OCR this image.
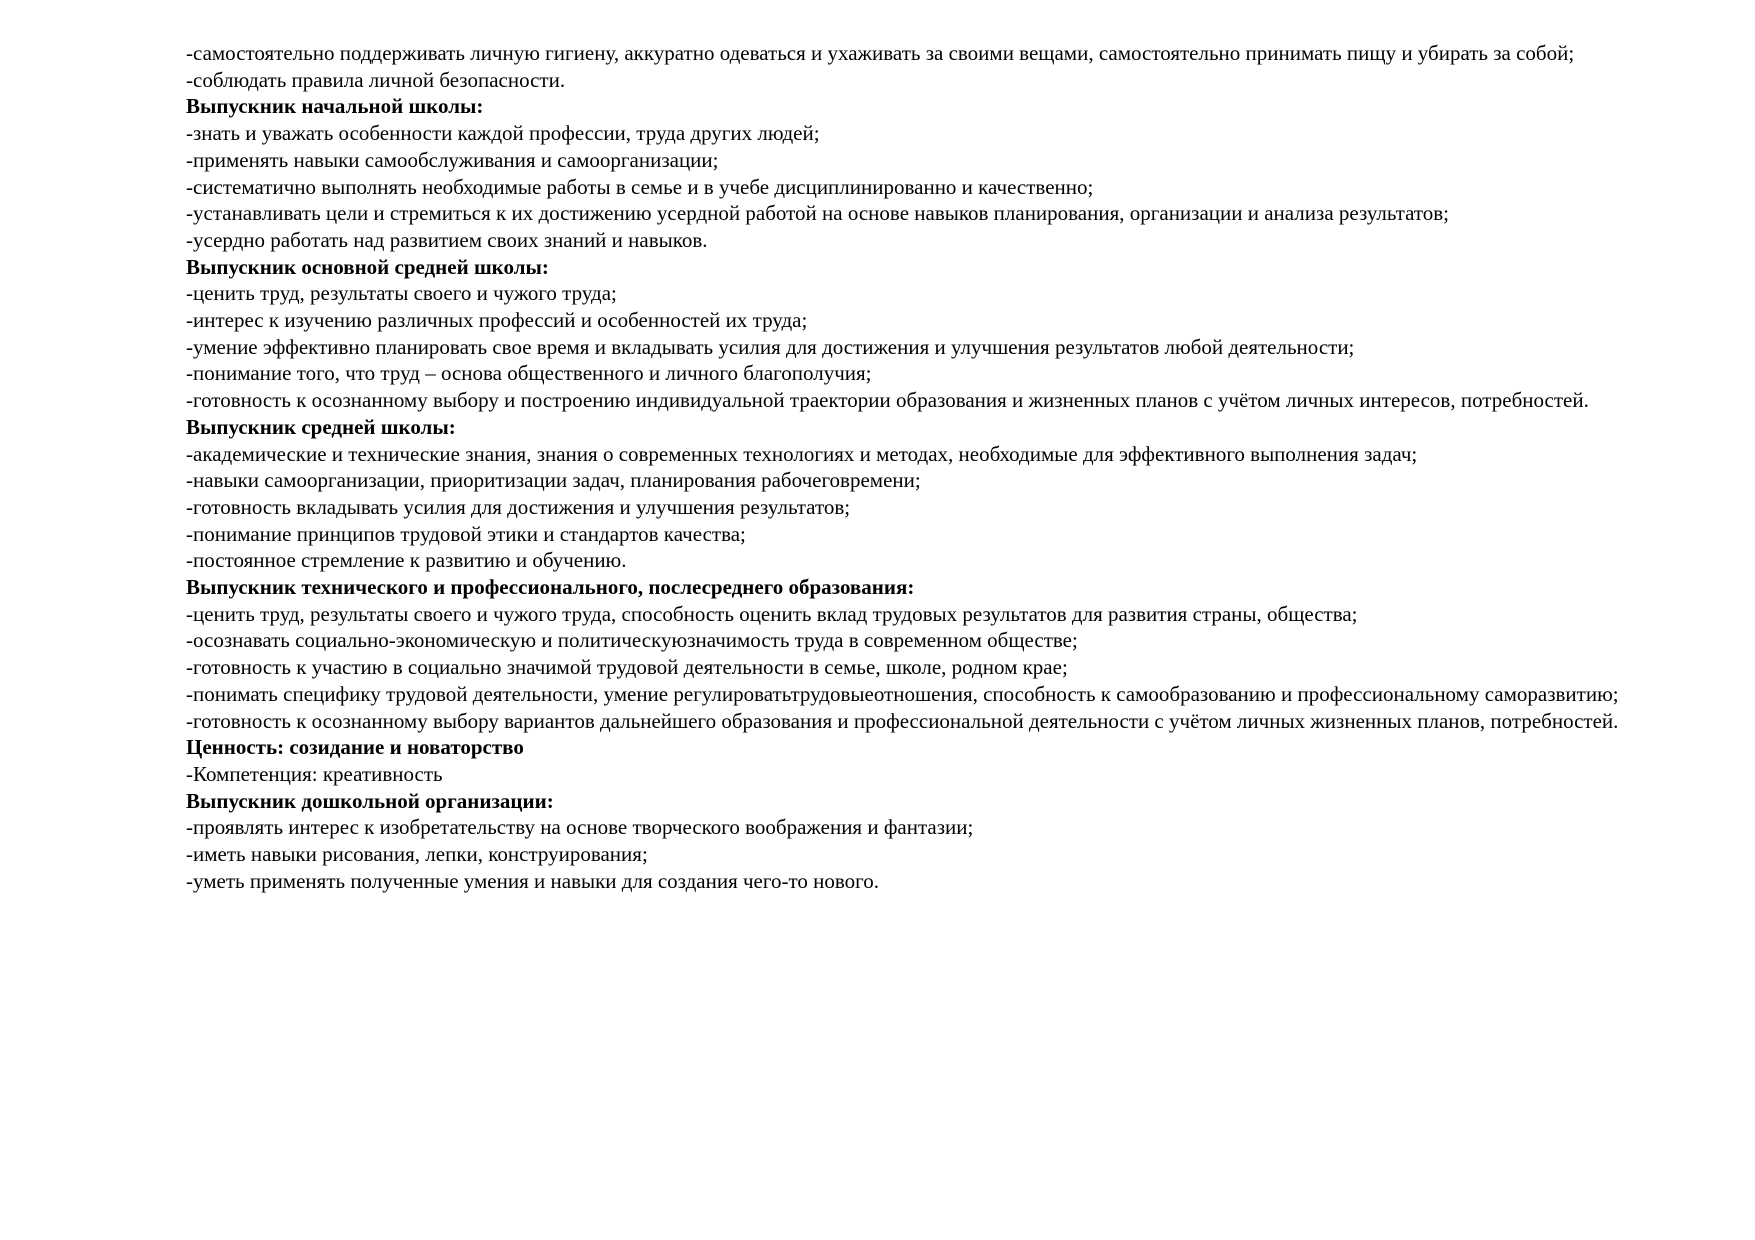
-самостоятельно поддерживать личную гигиену, аккуратно одеваться и ухаживать за своими вещами, самостоятельно принимать пищу и убирать за собой;

-соблюдать правила личной безопасности.

Выпускник начальной школы:

-знать и уважать особенности каждой профессии, труда других людей;

-применять навыки самообслуживания и самоорганизации;

-систематично выполнять необходимые работы в семье и в учебе дисциплинированно и качественно;

-устанавливать цели и стремиться к их достижению усердной работой на основе навыков планирования, организации и анализа результатов;

-усердно работать над развитием своих знаний и навыков.

Выпускник основной средней школы:

-ценить труд, результаты своего и чужого труда;

-интерес к изучению различных профессий и особенностей их труда;

-умение эффективно планировать свое время и вкладывать усилия для достижения и улучшения результатов любой деятельности;

-понимание того, что труд – основа общественного и личного благополучия;

-готовность к осознанному выбору и построению индивидуальной траектории образования и жизненных планов с учётом личных интересов, потребностей.

Выпускник средней школы:

-академические и технические знания, знания о современных технологиях и методах, необходимые для эффективного выполнения задач;

-навыки самоорганизации, приоритизации задач, планирования рабочеговремени;

-готовность вкладывать усилия для достижения и улучшения результатов;

-понимание принципов трудовой этики и стандартов качества;

-постоянное стремление к развитию и обучению.

Выпускник технического и профессионального, послесреднего образования:

-ценить труд, результаты своего и чужого труда, способность оценить вклад трудовых результатов для развития страны, общества;

-осознавать социально-экономическую и политическуюзначимость труда в современном обществе;

-готовность к участию в социально значимой трудовой деятельности в семье, школе, родном крае;

-понимать специфику трудовой деятельности, умение регулироватьтрудовыеотношения, способность к самообразованию и профессиональному саморазвитию;

-готовность к осознанному выбору вариантов дальнейшего образования и профессиональной деятельности с учётом личных жизненных планов, потребностей.

Ценность: созидание и новаторство

-Компетенция: креативность

Выпускник дошкольной организации:

-проявлять интерес к изобретательству на основе творческого воображения и фантазии;

-иметь навыки рисования, лепки, конструирования;

-уметь применять полученные умения и навыки для создания чего-то нового.
